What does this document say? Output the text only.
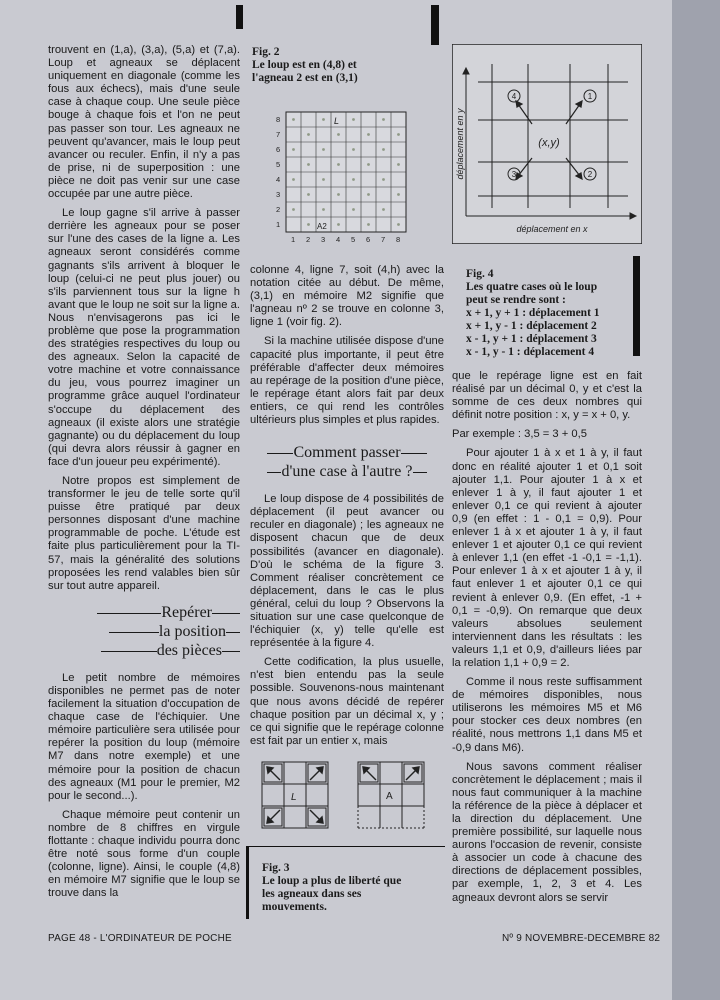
trouvent en (1,a), (3,a), (5,a) et (7,a). Loup et agneaux se déplacent uniquement en diagonale (comme les fous aux échecs), mais d'une seule case à chaque coup. Une seule pièce bouge à chaque fois et l'on ne peut pas passer son tour. Les agneaux ne peuvent qu'avancer, mais le loup peut avancer ou reculer. Enfin, il n'y a pas de prise, ni de superposition : une pièce ne doit pas venir sur une case occupée par une autre pièce.

Le loup gagne s'il arrive à passer derrière les agneaux pour se poser sur l'une des cases de la ligne a. Les agneaux seront considérés comme gagnants s'ils arrivent à bloquer le loup (celui-ci ne peut plus jouer) ou s'ils parviennent tous sur la ligne h avant que le loup ne soit sur la ligne a. Nous n'envisagerons pas ici le problème que pose la programmation des stratégies respectives du loup ou des agneaux. Selon la capacité de votre machine et votre connaissance du jeu, vous pourrez imaginer un programme grâce auquel l'ordinateur s'occupe du déplacement des agneaux (il existe alors une stratégie gagnante) ou du déplacement du loup (qui devra alors réussir à gagner en face d'un joueur peu expérimenté).

Notre propos est simplement de transformer le jeu de telle sorte qu'il puisse être pratiqué par deux personnes disposant d'une machine programmable de poche. L'étude est faite plus particulièrement pour la TI-57, mais la généralité des solutions proposées les rend valables bien sûr sur tout autre appareil.

Repérer
la position
des pièces

Le petit nombre de mémoires disponibles ne permet pas de noter facilement la situation d'occupation de chaque case de l'échiquier. Une mémoire particulière sera utilisée pour repérer la position du loup (mémoire M7 dans notre exemple) et une mémoire pour la position de chacun des agneaux (M1 pour le premier, M2 pour le second...).

Chaque mémoire peut contenir un nombre de 8 chiffres en virgule flottante : chaque individu pourra donc être noté sous forme d'un couple (colonne, ligne). Ainsi, le couple (4,8) en mémoire M7 signifie que le loup se trouve dans la

Fig. 2
Le loup est en (4,8) et
l'agneau 2 est en (3,1)
8
7
6
5
4
3
2
1
1 2 3 4 5 6 7 8
L
A2

colonne 4, ligne 7, soit (4,h) avec la notation citée au début. De même, (3,1) en mémoire M2 signifie que l'agneau nº 2 se trouve en colonne 3, ligne 1 (voir fig. 2).

Si la machine utilisée dispose d'une capacité plus importante, il peut être préférable d'affecter deux mémoires au repérage de la position d'une pièce, le repérage étant alors fait par deux entiers, ce qui rend les contrôles ultérieurs plus simples et plus rapides.

Comment passer
d'une case à l'autre ?

Le loup dispose de 4 possibilités de déplacement (il peut avancer ou reculer en diagonale) ; les agneaux ne disposent chacun que de deux possibilités (avancer en diagonale). D'où le schéma de la figure 3. Comment réaliser concrètement ce déplacement, dans le cas le plus général, celui du loup ? Observons la situation sur une case quelconque de l'échiquier (x, y) telle qu'elle est représentée à la figure 4.

Cette codification, la plus usuelle, n'est bien entendu pas la seule possible. Souvenons-nous maintenant que nous avons décidé de repérer chaque position par un décimal x, y ; ce qui signifie que le repérage colonne est fait par un entier x, mais

L	A
Fig. 3
Le loup a plus de liberté que
les agneaux dans ses
mouvements.
4	1
2
3
(x,y)
déplacement en x
déplacement en y
Fig. 4
Les quatre cases où le loup
peut se rendre sont :
x + 1, y + 1 : déplacement 1
x + 1, y - 1 : déplacement 2
x - 1, y + 1 : déplacement 3
x - 1, y - 1 : déplacement 4

que le repérage ligne est en fait réalisé par un décimal 0, y et c'est la somme de ces deux nombres qui définit notre position : x, y = x + 0, y.

Par exemple : 3,5 = 3 + 0,5

Pour ajouter 1 à x et 1 à y, il faut donc en réalité ajouter 1 et 0,1 soit ajouter 1,1. Pour ajouter 1 à x et enlever 1 à y, il faut ajouter 1 et enlever 0,1 ce qui revient à ajouter 0,9 (en effet : 1 - 0,1 = 0,9). Pour enlever 1 à x et ajouter 1 à y, il faut enlever 1 et ajouter 0,1 ce qui revient à enlever 1,1 (en effet -1 -0,1 = -1,1). Pour enlever 1 à x et ajouter 1 à y, il faut enlever 1 et ajouter 0,1 ce qui revient à enlever 0,9. (En effet, -1 + 0,1 = -0,9). On remarque que deux valeurs absolues seulement interviennent dans les résultats : les valeurs 1,1 et 0,9, d'ailleurs liées par la relation 1,1 + 0,9 = 2.

Comme il nous reste suffisamment de mémoires disponibles, nous utiliserons les mémoires M5 et M6 pour stocker ces deux nombres (en réalité, nous mettrons 1,1 dans M5 et -0,9 dans M6).

Nous savons comment réaliser concrètement le déplacement ; mais il nous faut communiquer à la machine la référence de la pièce à déplacer et la direction du déplacement. Une première possibilité, sur laquelle nous aurons l'occasion de revenir, consiste à associer un code à chacune des directions de déplacement possibles, par exemple, 1, 2, 3 et 4. Les agneaux devront alors se servir

PAGE 48 - L'ORDINATEUR DE POCHE	Nº 9 NOVEMBRE-DECEMBRE 82
